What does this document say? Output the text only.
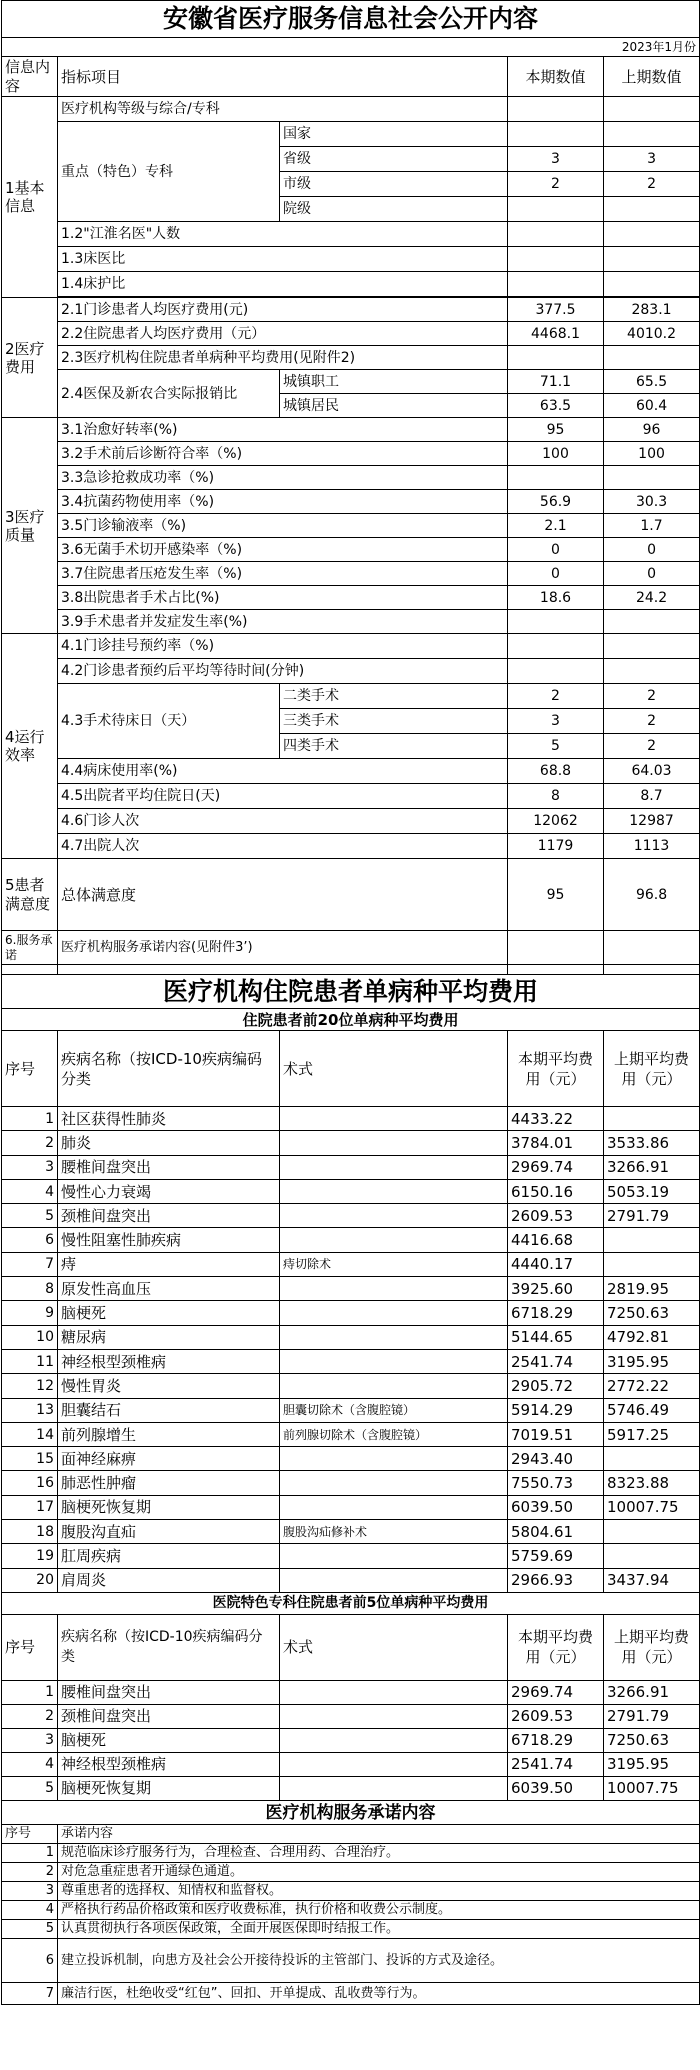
安徽省医疗服务信息社会公开内容				
2023年1月份				
信息内容	指标项目		本期数值	上期数值
1基本信息	医疗机构等级与综合/专科			
	重点（特色）专科	国家		
		省级	3	3
		市级	2	2
		院级		
	1.2"江淮名医"人数			
	1.3床医比			
	1.4床护比			

2医疗费用	2.1门诊患者人均医疗费用(元)		377.5	283.1
	2.2住院患者人均医疗费用（元）		4468.1	4010.2
	2.3医疗机构住院患者单病种平均费用(见附件2)			
	2.4医保及新农合实际报销比	城镇职工	71.1	65.5
		城镇居民	63.5	60.4
3医疗质量	3.1治愈好转率(%)		95	96
	3.2手术前后诊断符合率（%)		100	100
	3.3急诊抢救成功率（%)			
	3.4抗菌药物使用率（%)		56.9	30.3
	3.5门诊输液率（%)		2.1	1.7
	3.6无菌手术切开感染率（%)		0	0
	3.7住院患者压疮发生率（%)		0	0
	3.8出院患者手术占比(%)		18.6	24.2
	3.9手术患者并发症发生率(%)			
4运行效率	4.1门诊挂号预约率（%)			
	4.2门诊患者预约后平均等待时间(分钟)			
	4.3手术待床日（天）	二类手术	2	2
		三类手术	3	2
		四类手术	5	2
	4.4病床使用率(%)		68.8	64.03
	4.5出院者平均住院日(天)		8	8.7
	4.6门诊人次		12062	12987
	4.7出院人次		1179	1113
5患者满意度	总体满意度		95	96.8
6.服务承诺	医疗机构服务承诺内容(见附件3’)			

医疗机构住院患者单病种平均费用				
住院患者前20位单病种平均费用				
序号	疾病名称（按ICD-10疾病编码分类	术式	本期平均费用（元）	上期平均费用（元）
1	社区获得性肺炎		4433.22	
2	肺炎		3784.01	3533.86
3	腰椎间盘突出		2969.74	3266.91
4	慢性心力衰竭		6150.16	5053.19
5	颈椎间盘突出		2609.53	2791.79
6	慢性阻塞性肺疾病		4416.68	
7	痔	痔切除术	4440.17	
8	原发性高血压		3925.60	2819.95
9	脑梗死		6718.29	7250.63
10	糖尿病		5144.65	4792.81
11	神经根型颈椎病		2541.74	3195.95
12	慢性胃炎		2905.72	2772.22
13	胆囊结石	胆囊切除术（含腹腔镜）	5914.29	5746.49
14	前列腺增生	前列腺切除术（含腹腔镜）	7019.51	5917.25
15	面神经麻痹		2943.40	
16	肺恶性肿瘤		7550.73	8323.88
17	脑梗死恢复期		6039.50	10007.75
18	腹股沟直疝	腹股沟疝修补术	5804.61	
19	肛周疾病		5759.69	
20	肩周炎		2966.93	3437.94
医院特色专科住院患者前5位单病种平均费用				
序号	疾病名称（按ICD-10疾病编码分类	术式	本期平均费用（元）	上期平均费用（元）
1	腰椎间盘突出		2969.74	3266.91
2	颈椎间盘突出		2609.53	2791.79
3	脑梗死		6718.29	7250.63
4	神经根型颈椎病		2541.74	3195.95
5	脑梗死恢复期		6039.50	10007.75
医疗机构服务承诺内容	
序号	承诺内容
1	规范临床诊疗服务行为，合理检查、合理用药、合理治疗。
2	对危急重症患者开通绿色通道。
3	尊重患者的选择权、知情权和监督权。
4	严格执行药品价格政策和医疗收费标准，执行价格和收费公示制度。
5	认真贯彻执行各项医保政策，全面开展医保即时结报工作。
6	建立投诉机制，向患方及社会公开接待投诉的主管部门、投诉的方式及途径。
7	廉洁行医，杜绝收受“红包”、回扣、开单提成、乱收费等行为。
